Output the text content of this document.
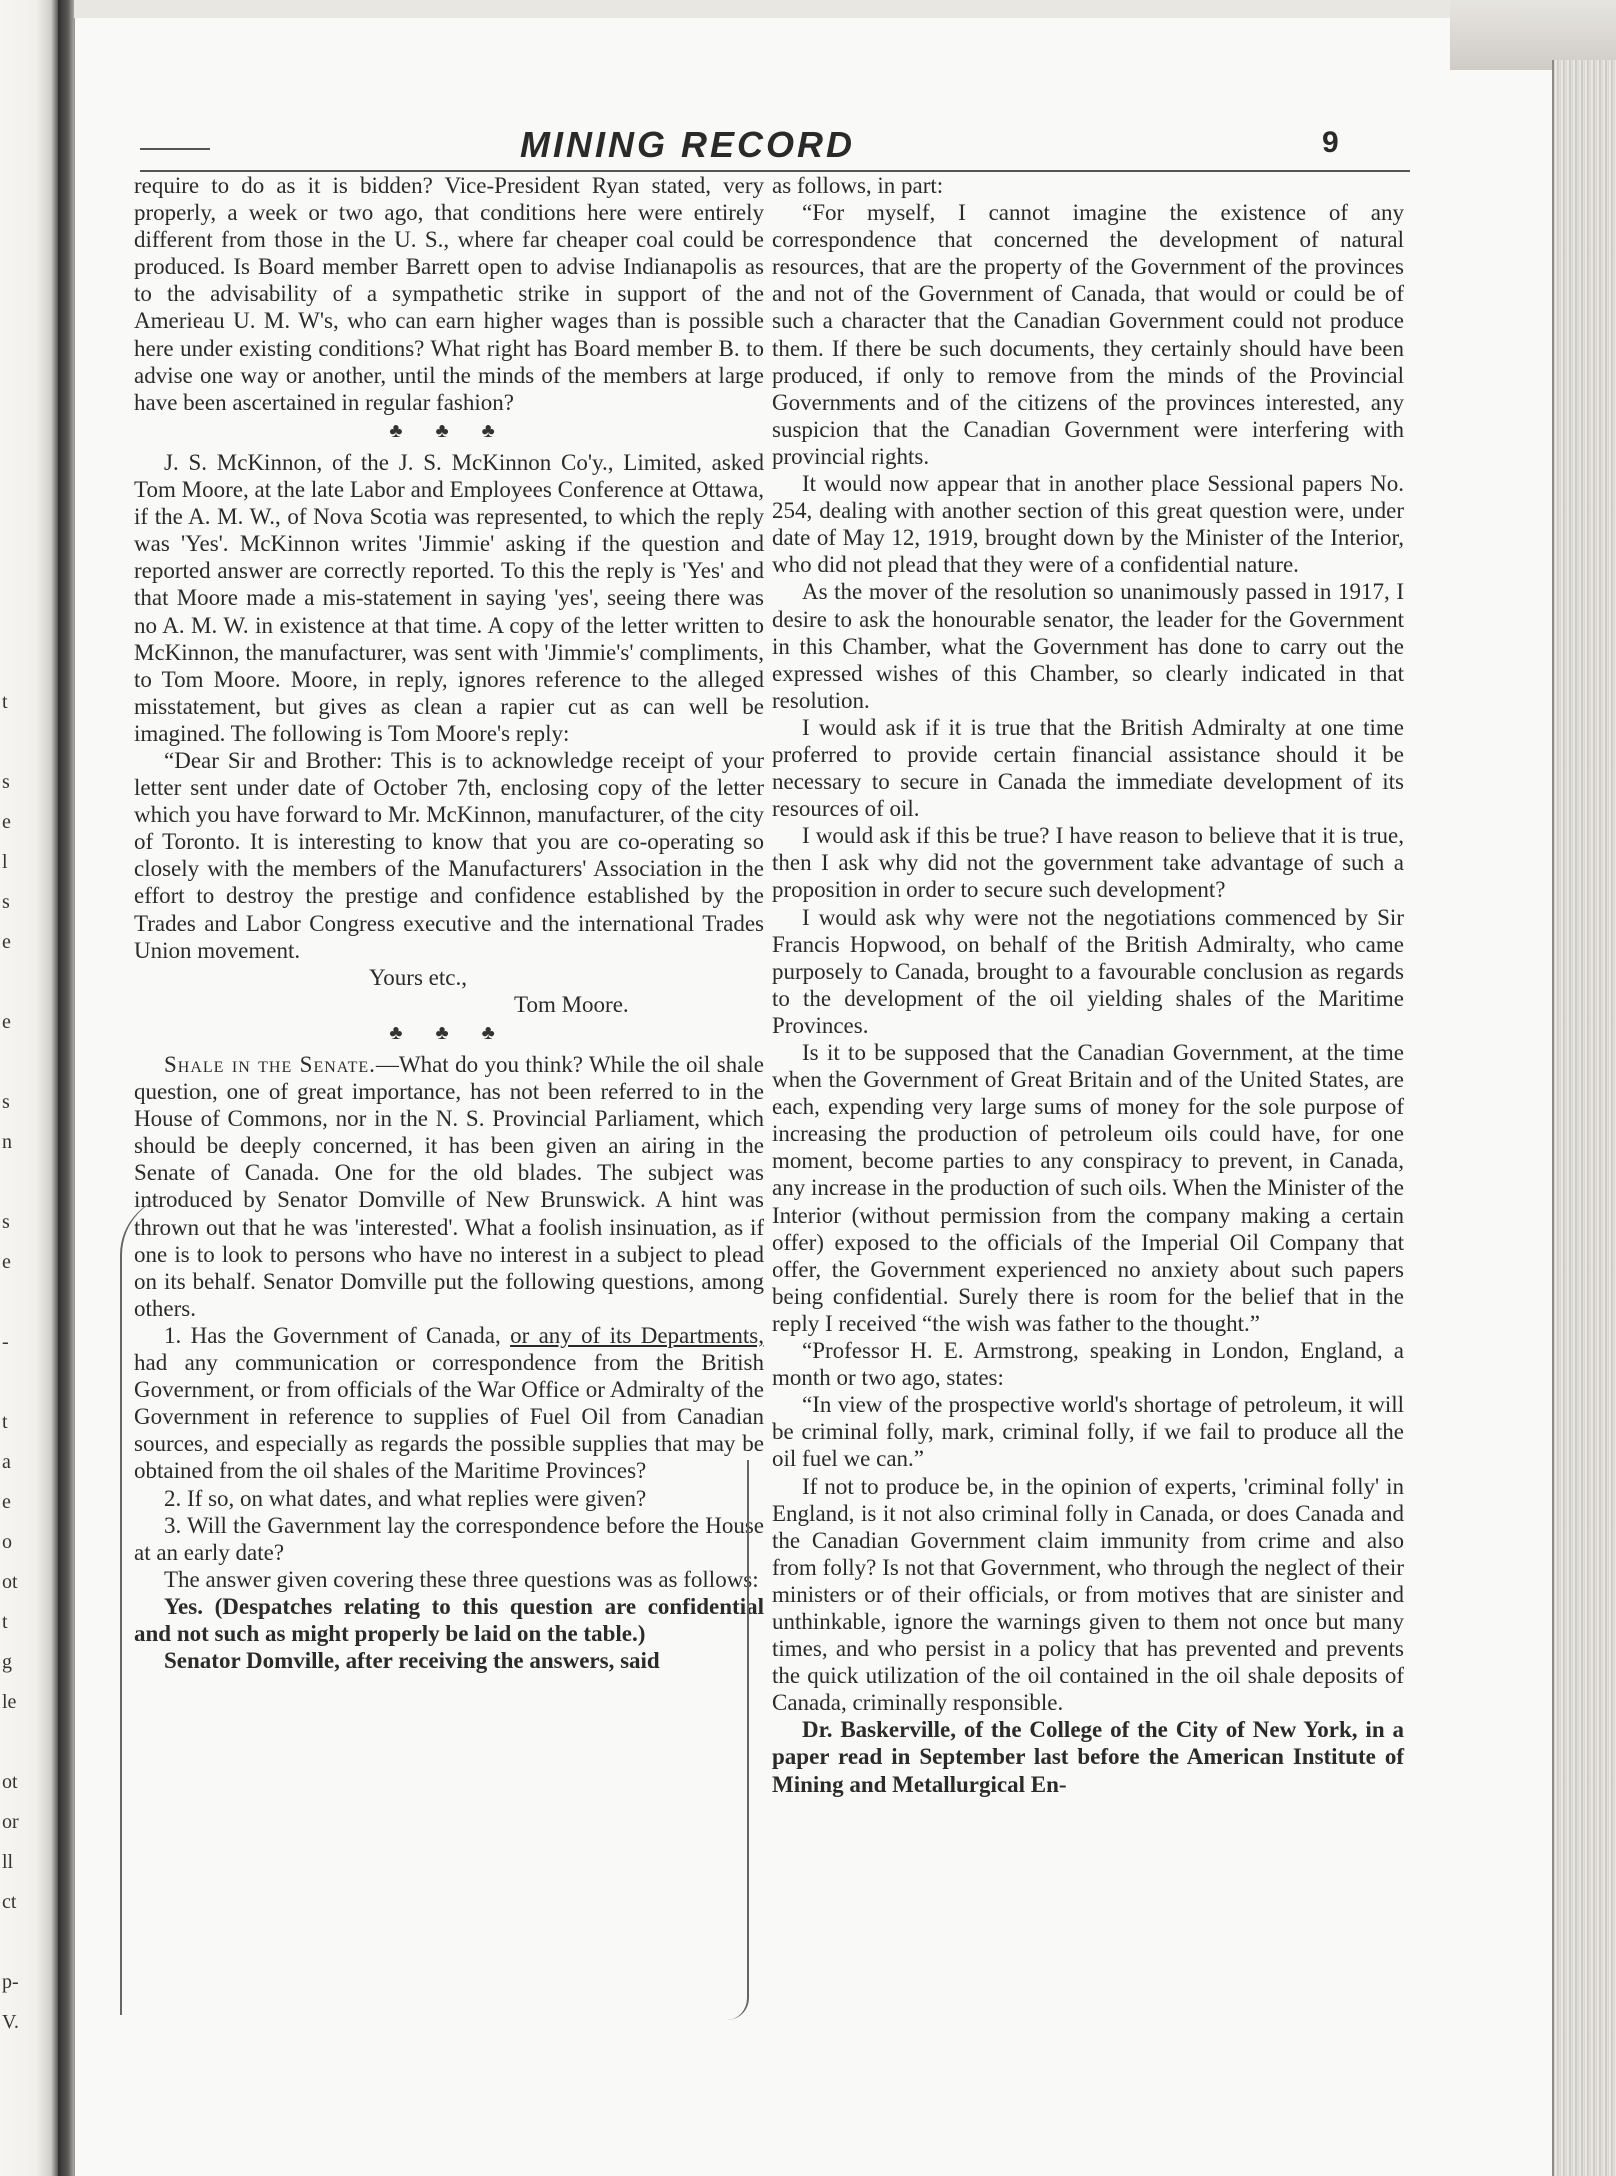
t
s
e
l
s
e
e
s
n
s
e
-
t
a
e
o
ot
t
g
le
ot
or
ll
ct
p-
V.
MINING RECORD	9

require to do as it is bidden? Vice-President Ryan stated, very properly, a week or two ago, that conditions here were entirely different from those in the U. S., where far cheaper coal could be produced. Is Board member Barrett open to advise Indianapolis as to the advisability of a sympathetic strike in support of the Amerieau U. M. W's, who can earn higher wages than is possible here under existing conditions? What right has Board member B. to advise one way or another, until the minds of the members at large have been ascertained in regular fashion?

♣ ♣ ♣

J. S. McKinnon, of the J. S. McKinnon Co'y., Limited, asked Tom Moore, at the late Labor and Employees Conference at Ottawa, if the A. M. W., of Nova Scotia was represented, to which the reply was 'Yes'. McKinnon writes 'Jimmie' asking if the question and reported answer are correctly reported. To this the reply is 'Yes' and that Moore made a mis-statement in saying 'yes', seeing there was no A. M. W. in existence at that time. A copy of the letter written to McKinnon, the manufacturer, was sent with 'Jimmie's' compliments, to Tom Moore. Moore, in reply, ignores reference to the alleged misstatement, but gives as clean a rapier cut as can well be imagined. The following is Tom Moore's reply:

“Dear Sir and Brother: This is to acknowledge receipt of your letter sent under date of October 7th, enclosing copy of the letter which you have forward to Mr. McKinnon, manufacturer, of the city of Toronto. It is interesting to know that you are co-operating so closely with the members of the Manufacturers' Association in the effort to destroy the prestige and confidence established by the Trades and Labor Congress executive and the international Trades Union movement.

Yours etc.,

Tom Moore.

♣ ♣ ♣

Shale in the Senate.—What do you think? While the oil shale question, one of great importance, has not been referred to in the House of Commons, nor in the N. S. Provincial Parliament, which should be deeply concerned, it has been given an airing in the Senate of Canada. One for the old blades. The subject was introduced by Senator Domville of New Brunswick. A hint was thrown out that he was 'interested'. What a foolish insinuation, as if one is to look to persons who have no interest in a subject to plead on its behalf. Senator Domville put the following questions, among others.

1. Has the Government of Canada, or any of its Departments, had any communication or correspondence from the British Government, or from officials of the War Office or Admiralty of the Government in reference to supplies of Fuel Oil from Canadian sources, and especially as regards the possible supplies that may be obtained from the oil shales of the Maritime Provinces?

2. If so, on what dates, and what replies were given?

3. Will the Gavernment lay the correspondence before the House at an early date?

The answer given covering these three questions was as follows:

Yes. (Despatches relating to this question are confidential and not such as might properly be laid on the table.)

Senator Domville, after receiving the answers, said

as follows, in part:

“For myself, I cannot imagine the existence of any correspondence that concerned the development of natural resources, that are the property of the Government of the provinces and not of the Government of Canada, that would or could be of such a character that the Canadian Government could not produce them. If there be such documents, they certainly should have been produced, if only to remove from the minds of the Provincial Governments and of the citizens of the provinces interested, any suspicion that the Canadian Government were interfering with provincial rights.

It would now appear that in another place Sessional papers No. 254, dealing with another section of this great question were, under date of May 12, 1919, brought down by the Minister of the Interior, who did not plead that they were of a confidential nature.

As the mover of the resolution so unanimously passed in 1917, I desire to ask the honourable senator, the leader for the Government in this Chamber, what the Government has done to carry out the expressed wishes of this Chamber, so clearly indicated in that resolution.

I would ask if it is true that the British Admiralty at one time proferred to provide certain financial assistance should it be necessary to secure in Canada the immediate development of its resources of oil.

I would ask if this be true? I have reason to believe that it is true, then I ask why did not the government take advantage of such a proposition in order to secure such development?

I would ask why were not the negotiations commenced by Sir Francis Hopwood, on behalf of the British Admiralty, who came purposely to Canada, brought to a favourable conclusion as regards to the development of the oil yielding shales of the Maritime Provinces.

Is it to be supposed that the Canadian Government, at the time when the Government of Great Britain and of the United States, are each, expending very large sums of money for the sole purpose of increasing the production of petroleum oils could have, for one moment, become parties to any conspiracy to prevent, in Canada, any increase in the production of such oils. When the Minister of the Interior (without permission from the company making a certain offer) exposed to the officials of the Imperial Oil Company that offer, the Government experienced no anxiety about such papers being confidential. Surely there is room for the belief that in the reply I received “the wish was father to the thought.”

“Professor H. E. Armstrong, speaking in London, England, a month or two ago, states:

“In view of the prospective world's shortage of petroleum, it will be criminal folly, mark, criminal folly, if we fail to produce all the oil fuel we can.”

If not to produce be, in the opinion of experts, 'criminal folly' in England, is it not also criminal folly in Canada, or does Canada and the Canadian Government claim immunity from crime and also from folly? Is not that Government, who through the neglect of their ministers or of their officials, or from motives that are sinister and unthinkable, ignore the warnings given to them not once but many times, and who persist in a policy that has prevented and prevents the quick utilization of the oil contained in the oil shale deposits of Canada, criminally responsible.

Dr. Baskerville, of the College of the City of New York, in a paper read in September last before the American Institute of Mining and Metallurgical En-
